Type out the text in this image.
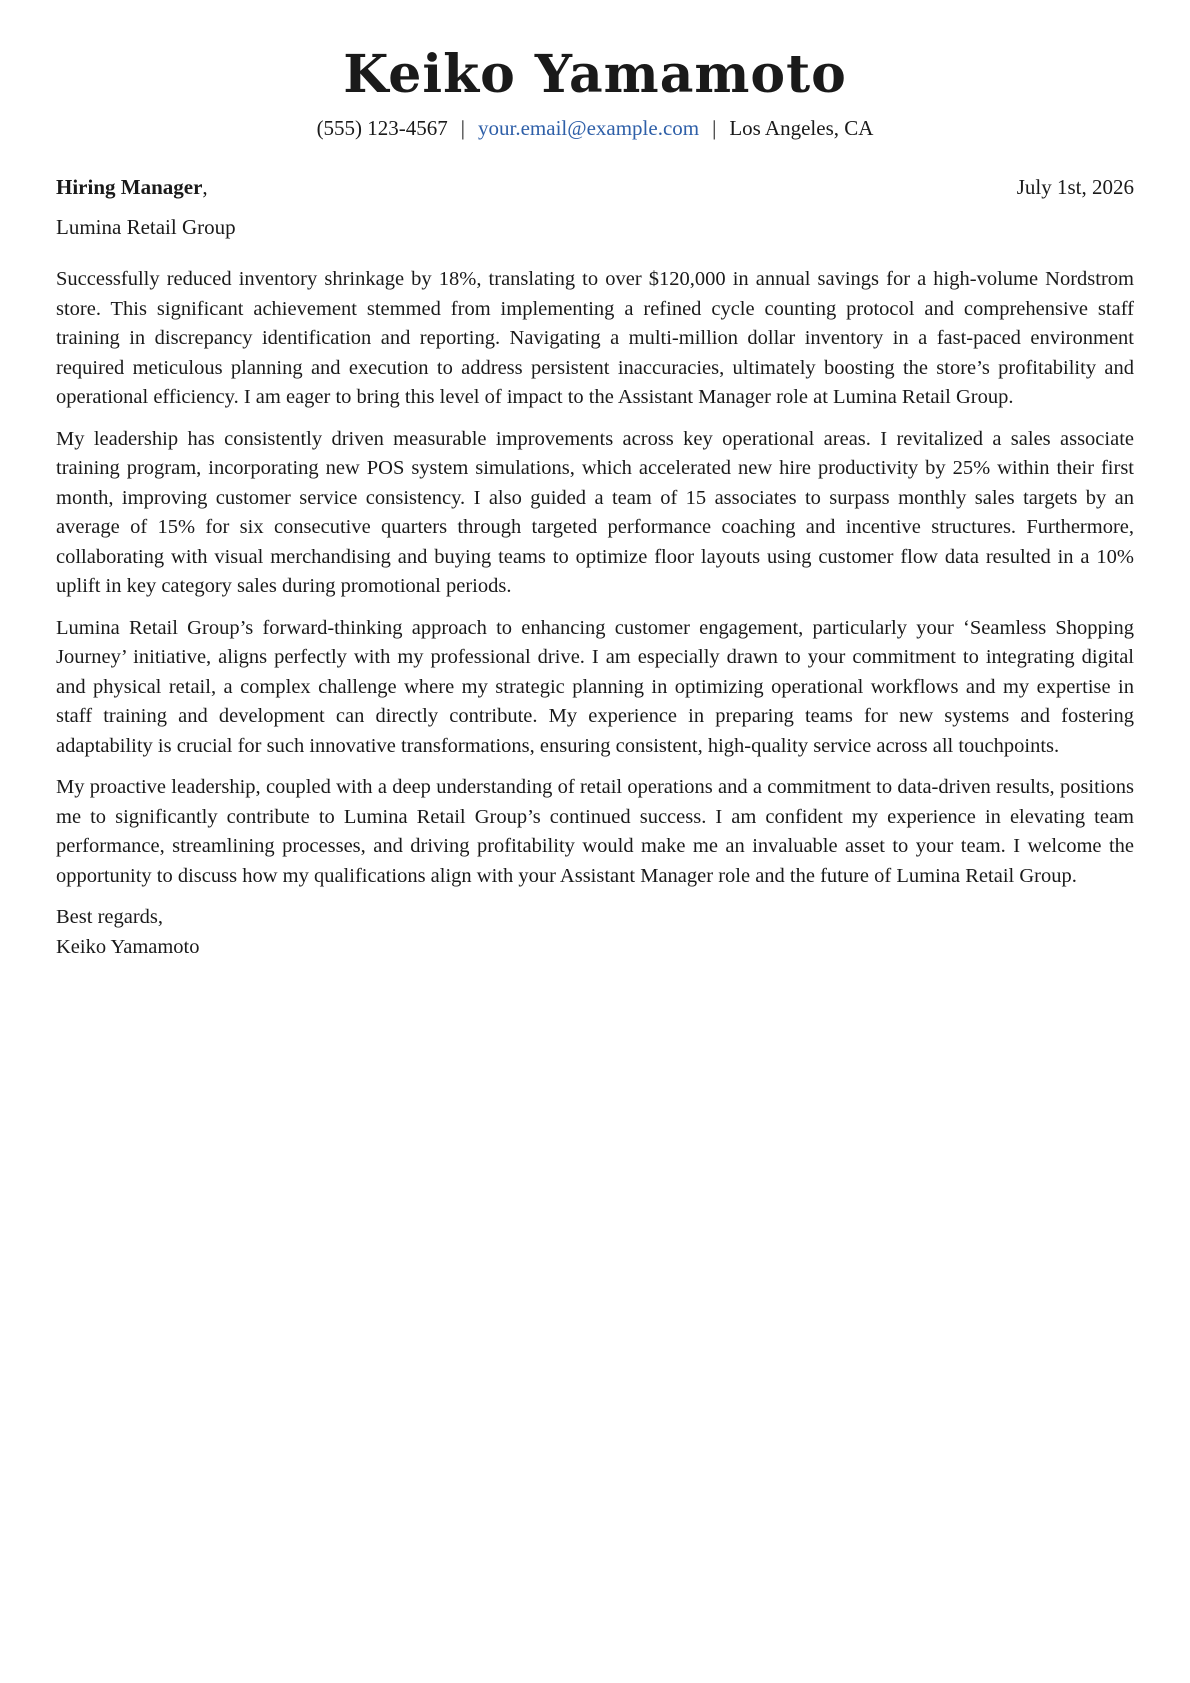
Keiko Yamamoto
(555) 123-4567 | your.email@example.com | Los Angeles, CA
Hiring Manager,	July 1st, 2026
Lumina Retail Group

Successfully reduced inventory shrinkage by 18%, translating to over $120,000 in annual savings for a high-volume Nordstrom store. This significant achievement stemmed from implementing a refined cycle counting protocol and comprehensive staff training in discrepancy identification and reporting. Navigating a multi-million dollar inventory in a fast-paced environment required meticulous planning and execution to address persistent inaccuracies, ultimately boosting the store’s profitability and operational efficiency. I am eager to bring this level of impact to the Assistant Manager role at Lumina Retail Group.

My leadership has consistently driven measurable improvements across key operational areas. I revitalized a sales associate training program, incorporating new POS system simulations, which accelerated new hire productivity by 25% within their first month, improving customer service consistency. I also guided a team of 15 associates to surpass monthly sales targets by an average of 15% for six consecutive quarters through targeted performance coaching and incentive structures. Furthermore, collaborating with visual merchandising and buying teams to optimize floor layouts using customer flow data resulted in a 10% uplift in key category sales during promotional periods.

Lumina Retail Group’s forward-thinking approach to enhancing customer engagement, particularly your ‘Seamless Shopping Journey’ initiative, aligns perfectly with my professional drive. I am especially drawn to your commitment to integrating digital and physical retail, a complex challenge where my strategic planning in optimizing operational workflows and my expertise in staff training and development can directly contribute. My experience in preparing teams for new systems and fostering adaptability is crucial for such innovative transformations, ensuring consistent, high-quality service across all touchpoints.

My proactive leadership, coupled with a deep understanding of retail operations and a commitment to data-driven results, positions me to significantly contribute to Lumina Retail Group’s continued success. I am confident my experience in elevating team performance, streamlining processes, and driving profitability would make me an invaluable asset to your team. I welcome the opportunity to discuss how my qualifications align with your Assistant Manager role and the future of Lumina Retail Group.

Best regards,
Keiko Yamamoto
